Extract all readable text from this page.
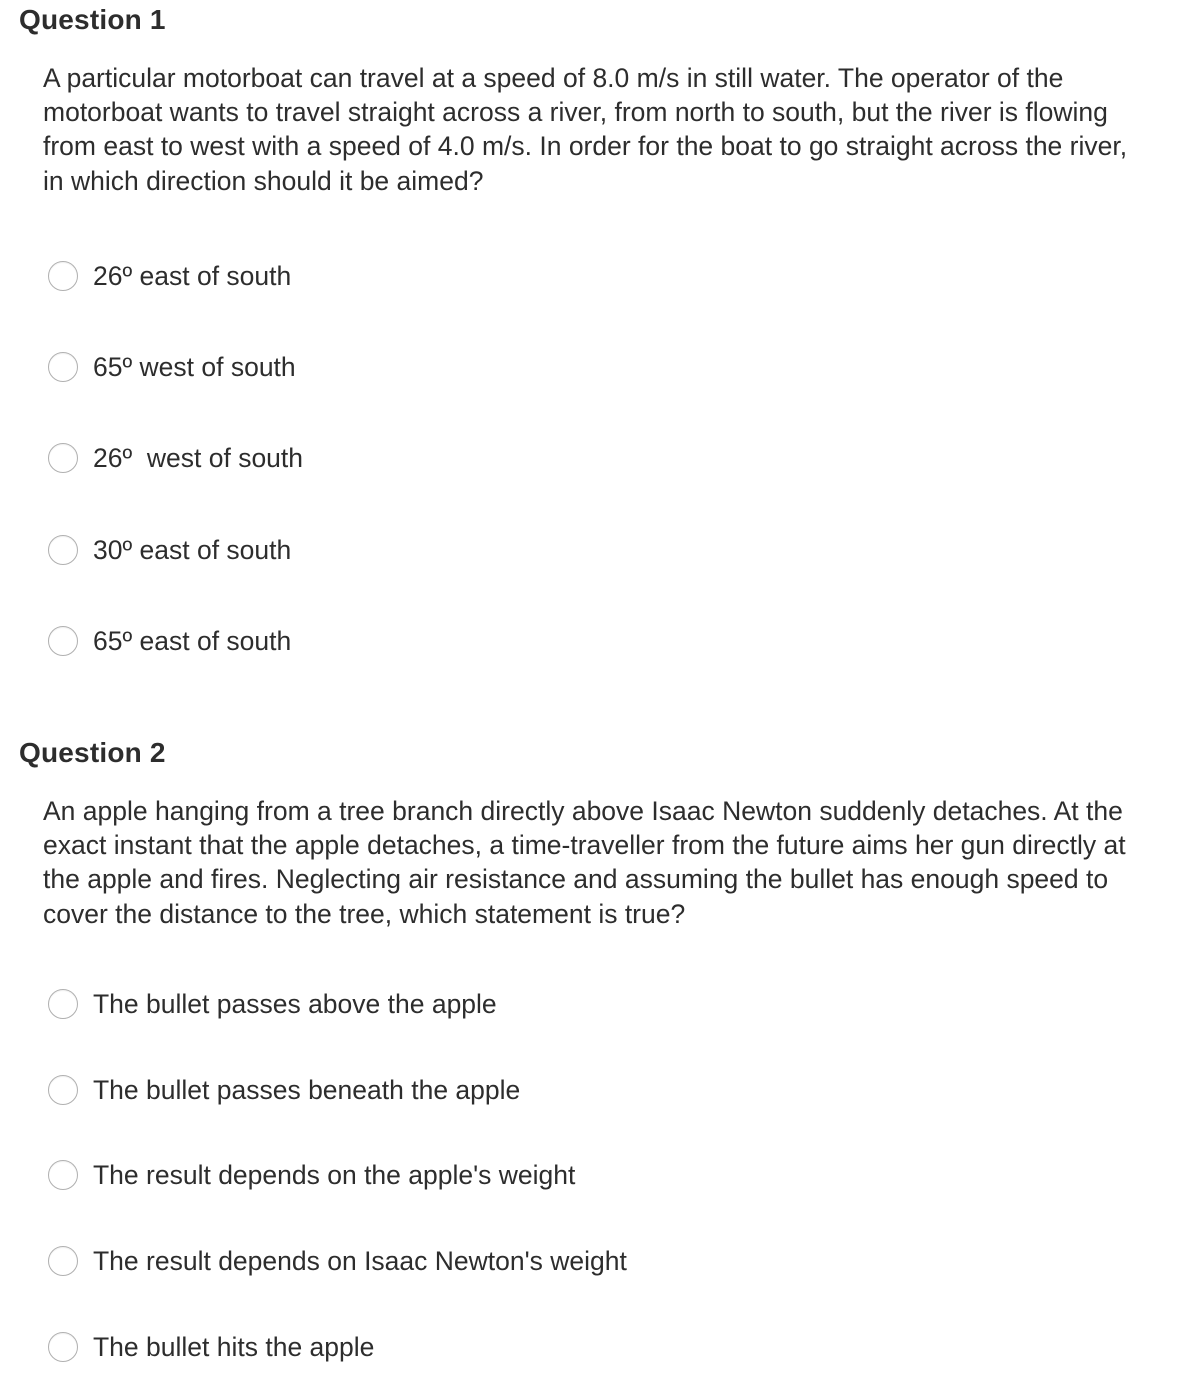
Question 1
A particular motorboat can travel at a speed of 8.0 m/s in still water. The operator of the motorboat wants to travel straight across a river, from north to south, but the river is flowing from east to west with a speed of 4.0 m/s. In order for the boat to go straight across the river, in which direction should it be aimed?
26º east of south
65º west of south
26º  west of south
30º east of south
65º east of south
Question 2
An apple hanging from a tree branch directly above Isaac Newton suddenly detaches. At the exact instant that the apple detaches, a time-traveller from the future aims her gun directly at the apple and fires. Neglecting air resistance and assuming the bullet has enough speed to cover the distance to the tree, which statement is true?
The bullet passes above the apple
The bullet passes beneath the apple
The result depends on the apple's weight
The result depends on Isaac Newton's weight
The bullet hits the apple
